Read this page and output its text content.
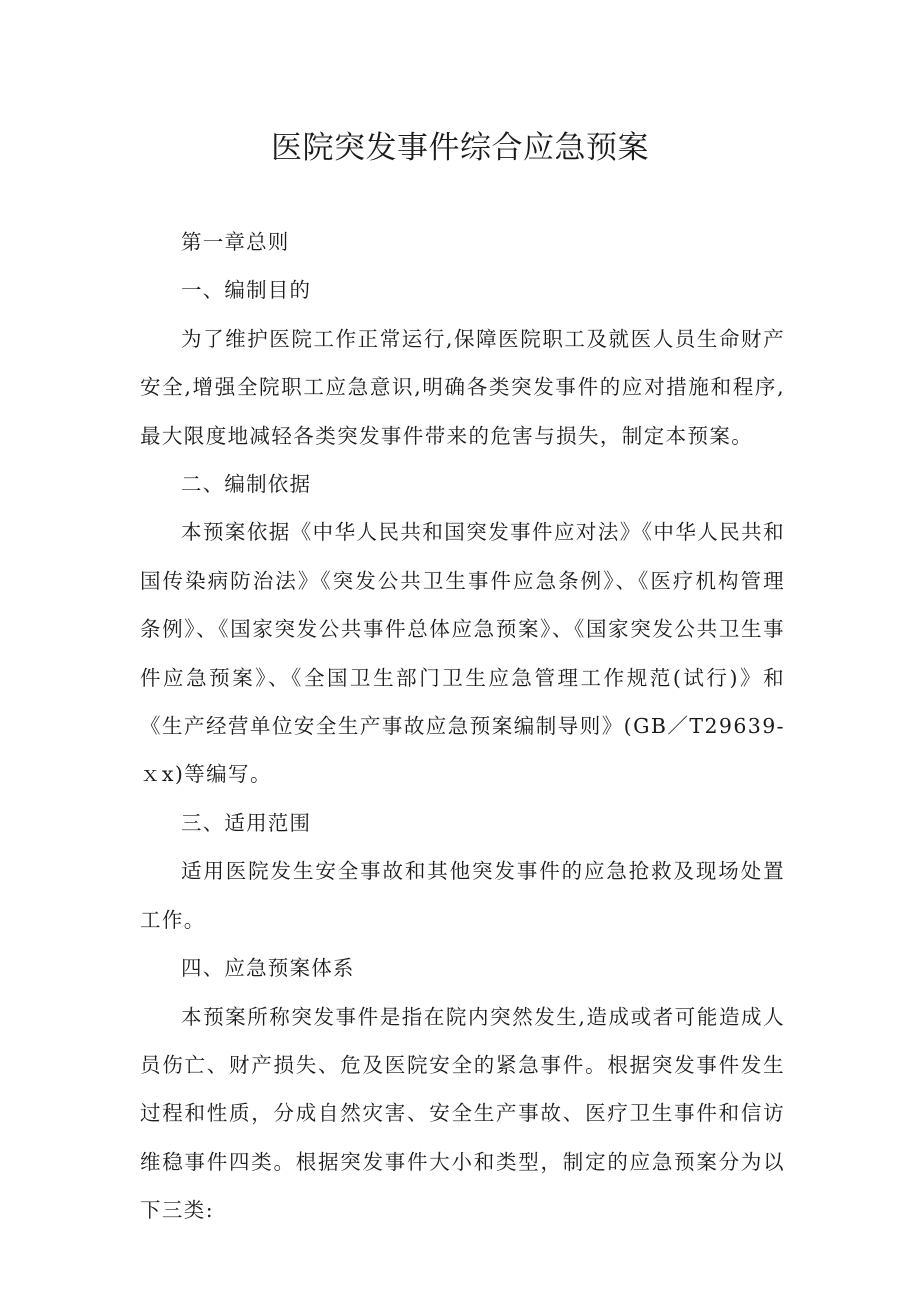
医院突发事件综合应急预案

第一章总则

一、编制目的

为了维护医院工作正常运行,保障医院职工及就医人员生命财产安全,增强全院职工应急意识,明确各类突发事件的应对措施和程序,最大限度地减轻各类突发事件带来的危害与损失，制定本预案。

二、编制依据

本预案依据《中华人民共和国突发事件应对法》《中华人民共和国传染病防治法》《突发公共卫生事件应急条例》、《医疗机构管理条例》、《国家突发公共事件总体应急预案》、《国家突发公共卫生事件应急预案》、《全国卫生部门卫生应急管理工作规范(试行)》和《生产经营单位安全生产事故应急预案编制导则》(GB／T29639-ｘx)等编写。

三、适用范围

适用医院发生安全事故和其他突发事件的应急抢救及现场处置工作。

四、应急预案体系

本预案所称突发事件是指在院内突然发生,造成或者可能造成人员伤亡、财产损失、危及医院安全的紧急事件。根据突发事件发生过程和性质，分成自然灾害、安全生产事故、医疗卫生事件和信访维稳事件四类。根据突发事件大小和类型，制定的应急预案分为以下三类:
